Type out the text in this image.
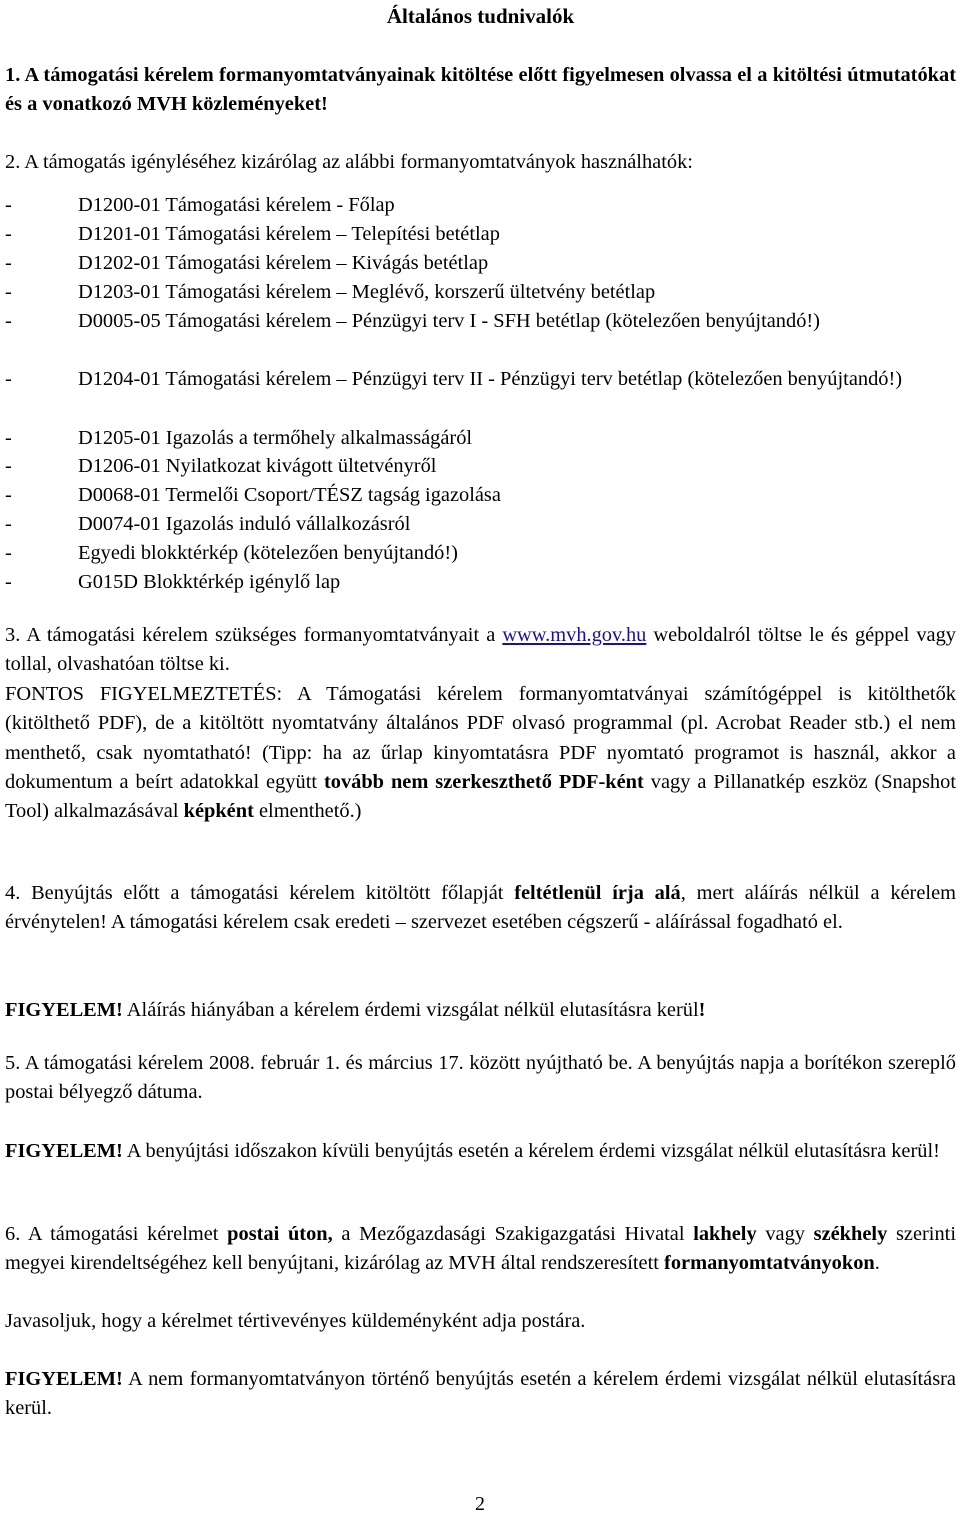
Általános tudnivalók

1. A támogatási kérelem formanyomtatványainak kitöltése előtt figyelmesen olvassa el a kitöltési útmutatókat és a vonatkozó MVH közleményeket!

2. A támogatás igényléséhez kizárólag az alábbi formanyomtatványok használhatók:

-	D1200-01 Támogatási kérelem - Főlap
-	D1201-01 Támogatási kérelem – Telepítési betétlap
-	D1202-01 Támogatási kérelem – Kivágás betétlap
-	D1203-01 Támogatási kérelem – Meglévő, korszerű ültetvény betétlap
-	D0005-05 Támogatási kérelem – Pénzügyi terv I - SFH betétlap (kötelezően benyújtandó!)
-	D1204-01 Támogatási kérelem – Pénzügyi terv II - Pénzügyi terv betétlap (kötelezően benyújtandó!)
-	D1205-01 Igazolás a termőhely alkalmasságáról
-	D1206-01 Nyilatkozat kivágott ültetvényről
-	D0068-01 Termelői Csoport/TÉSZ tagság igazolása
-	D0074-01 Igazolás induló vállalkozásról
-	Egyedi blokktérkép (kötelezően benyújtandó!)
-	G015D Blokktérkép igénylő lap

3. A támogatási kérelem szükséges formanyomtatványait a www.mvh.gov.hu weboldalról töltse le és géppel vagy tollal, olvashatóan töltse ki.

FONTOS FIGYELMEZTETÉS: A Támogatási kérelem formanyomtatványai számítógéppel is kitölthetők (kitölthető PDF), de a kitöltött nyomtatvány általános PDF olvasó programmal (pl. Acrobat Reader stb.) el nem menthető, csak nyomtatható! (Tipp: ha az űrlap kinyomtatásra PDF nyomtató programot is használ, akkor a dokumentum a beírt adatokkal együtt tovább nem szerkeszthető PDF-ként vagy a Pillanatkép eszköz (Snapshot Tool) alkalmazásával képként elmenthető.)

4. Benyújtás előtt a támogatási kérelem kitöltött főlapját feltétlenül írja alá, mert aláírás nélkül a kérelem érvénytelen! A támogatási kérelem csak eredeti – szervezet esetében cégszerű - aláírással fogadható el.

FIGYELEM! Aláírás hiányában a kérelem érdemi vizsgálat nélkül elutasításra kerül!

5. A támogatási kérelem 2008. február 1. és március 17. között nyújtható be. A benyújtás napja a borítékon szereplő postai bélyegző dátuma.

FIGYELEM! A benyújtási időszakon kívüli benyújtás esetén a kérelem érdemi vizsgálat nélkül elutasításra kerül!

6. A támogatási kérelmet postai úton, a Mezőgazdasági Szakigazgatási Hivatal lakhely vagy székhely szerinti megyei kirendeltségéhez kell benyújtani, kizárólag az MVH által rendszeresített formanyomtatványokon.

Javasoljuk, hogy a kérelmet tértivevényes küldeményként adja postára.

FIGYELEM! A nem formanyomtatványon történő benyújtás esetén a kérelem érdemi vizsgálat nélkül elutasításra kerül.

2
